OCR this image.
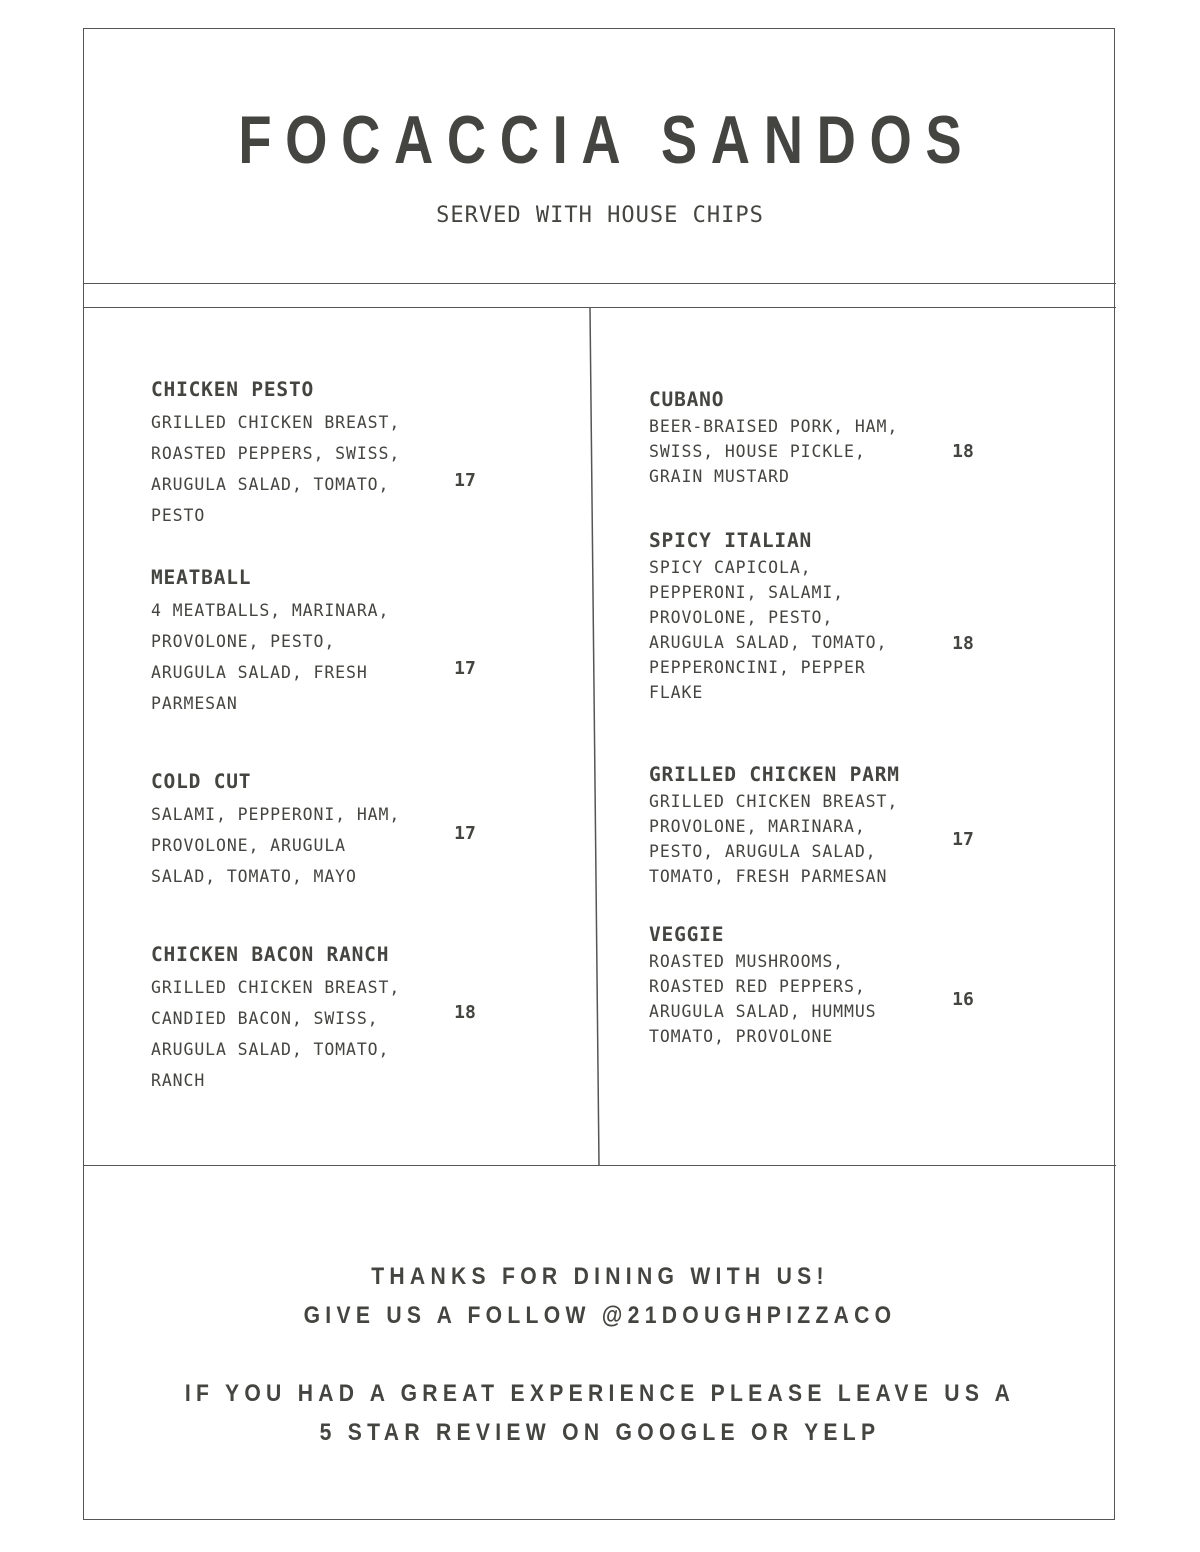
FOCACCIA SANDOS
SERVED WITH HOUSE CHIPS
CHICKEN PESTO
GRILLED CHICKEN BREAST,
ROASTED PEPPERS, SWISS,
ARUGULA SALAD, TOMATO,
PESTO
17
MEATBALL
4 MEATBALLS, MARINARA,
PROVOLONE, PESTO,
ARUGULA SALAD, FRESH
PARMESAN
17
COLD CUT
SALAMI, PEPPERONI, HAM,
PROVOLONE, ARUGULA
SALAD, TOMATO, MAYO
17
CHICKEN BACON RANCH
GRILLED CHICKEN BREAST,
CANDIED BACON, SWISS,
ARUGULA SALAD, TOMATO,
RANCH
18
CUBANO
BEER-BRAISED PORK, HAM,
SWISS, HOUSE PICKLE,
GRAIN MUSTARD
18
SPICY ITALIAN
SPICY CAPICOLA,
PEPPERONI, SALAMI,
PROVOLONE, PESTO,
ARUGULA SALAD, TOMATO,
PEPPERONCINI, PEPPER
FLAKE
18
GRILLED CHICKEN PARM
GRILLED CHICKEN BREAST,
PROVOLONE, MARINARA,
PESTO, ARUGULA SALAD,
TOMATO, FRESH PARMESAN
17
VEGGIE
ROASTED MUSHROOMS,
ROASTED RED PEPPERS,
ARUGULA SALAD, HUMMUS
TOMATO, PROVOLONE
16
THANKS FOR DINING WITH US!
GIVE US A FOLLOW @21DOUGHPIZZACO
IF YOU HAD A GREAT EXPERIENCE PLEASE LEAVE US A
5 STAR REVIEW ON GOOGLE OR YELP
